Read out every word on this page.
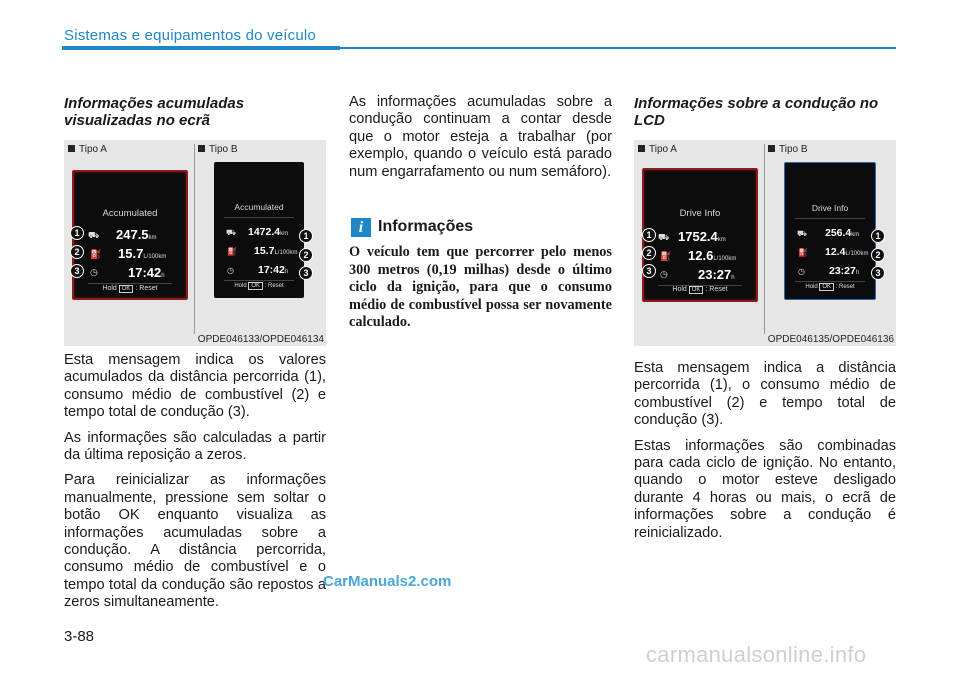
Sistemas e equipamentos do veículo
Informações acumuladas visualizadas no ecrã
Tipo A	Tipo B
Accumulated
⛟ 247.5km
⛽ 15.7L/100km
◷ 17:42h
Hold OK : Reset
1
2
3
Accumulated
⛟ 1472.4km
⛽ 15.7L/100km
◷ 17:42h
Hold OK : Reset
1
2
3
OPDE046133/OPDE046134

Esta mensagem indica os valores acumulados da distância percorrida (1), consumo médio de combustível (2) e tempo total de condução (3).

As informações são calculadas a partir da última reposição a zeros.

Para reinicializar as informações manualmente, pressione sem soltar o botão OK enquanto visualiza as informações acumuladas sobre a condução. A distância percorrida, consumo médio de combustível e o tempo total da condução são repostos a zeros simultaneamente.

As informações acumuladas sobre a condução continuam a contar desde que o motor esteja a trabalhar (por exemplo, quando o veículo está parado num engarrafamento ou num semáforo).

i Informações
O veículo tem que percorrer pelo menos 300 metros (0,19 milhas) desde o último ciclo da ignição, para que o consumo médio de combustível possa ser novamente calculado.
Informações sobre a condução no LCD
Tipo A	Tipo B
Drive Info
⛟ 1752.4km
⛽ 12.6L/100km
◷ 23:27h
Hold OK : Reset
1
2
3
Drive Info
⛟ 256.4km
⛽ 12.4L/100km
◷ 23:27h
Hold OK : Reset
1
2
3
OPDE046135/OPDE046136

Esta mensagem indica a distância percorrida (1), o consumo médio de combustível (2) e tempo total de condução (3).

Estas informações são combinadas para cada ciclo de ignição. No entanto, quando o motor esteve desligado durante 4 horas ou mais, o ecrã de informações sobre a condução é reinicializado.

CarManuals2.com
3-88
carmanualsonline.info
